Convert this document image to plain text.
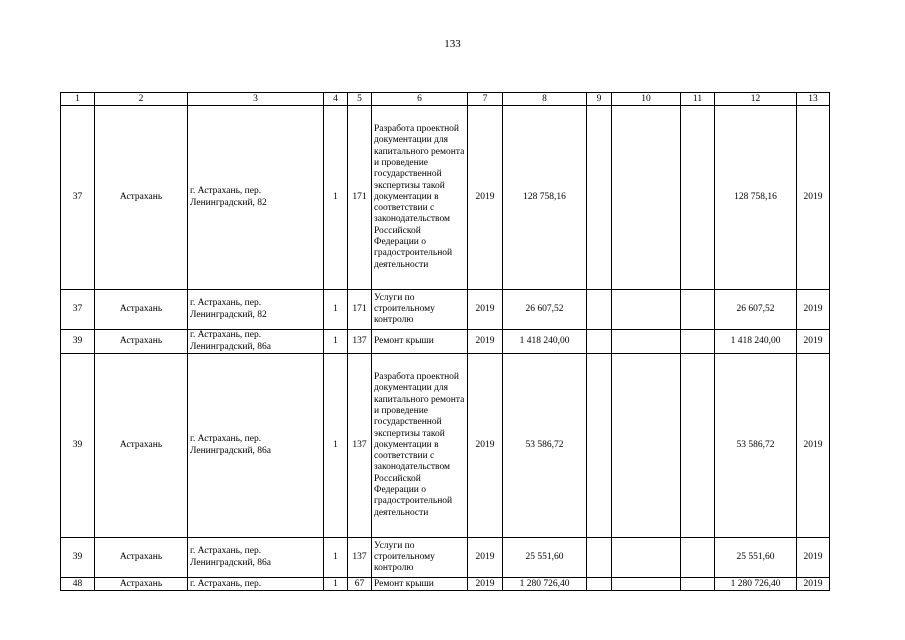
133
1	2	3	4	5	6	7	8	9	10	11	12	13
37	Астрахань	г. Астрахань, пер. Ленинградский, 82	1	171	Разработа проектной документации для капитального ремонта и проведение государственной экспертизы такой документации в соответствии с законодательством Российской Федерации о градостроительной деятельности	2019	128 758,16				128 758,16	2019
37	Астрахань	г. Астрахань, пер. Ленинградский, 82	1	171	Услуги по строительному контролю	2019	26 607,52				26 607,52	2019
39	Астрахань	г. Астрахань, пер. Ленинградский, 86а	1	137	Ремонт крыши	2019	1 418 240,00				1 418 240,00	2019
39	Астрахань	г. Астрахань, пер. Ленинградский, 86а	1	137	Разработа проектной документации для капитального ремонта и проведение государственной экспертизы такой документации в соответствии с законодательством Российской Федерации о градостроительной деятельности	2019	53 586,72				53 586,72	2019
39	Астрахань	г. Астрахань, пер. Ленинградский, 86а	1	137	Услуги по строительному контролю	2019	25 551,60				25 551,60	2019
48	Астрахань	г. Астрахань, пер.	1	67	Ремонт крыши	2019	1 280 726,40				1 280 726,40	2019
